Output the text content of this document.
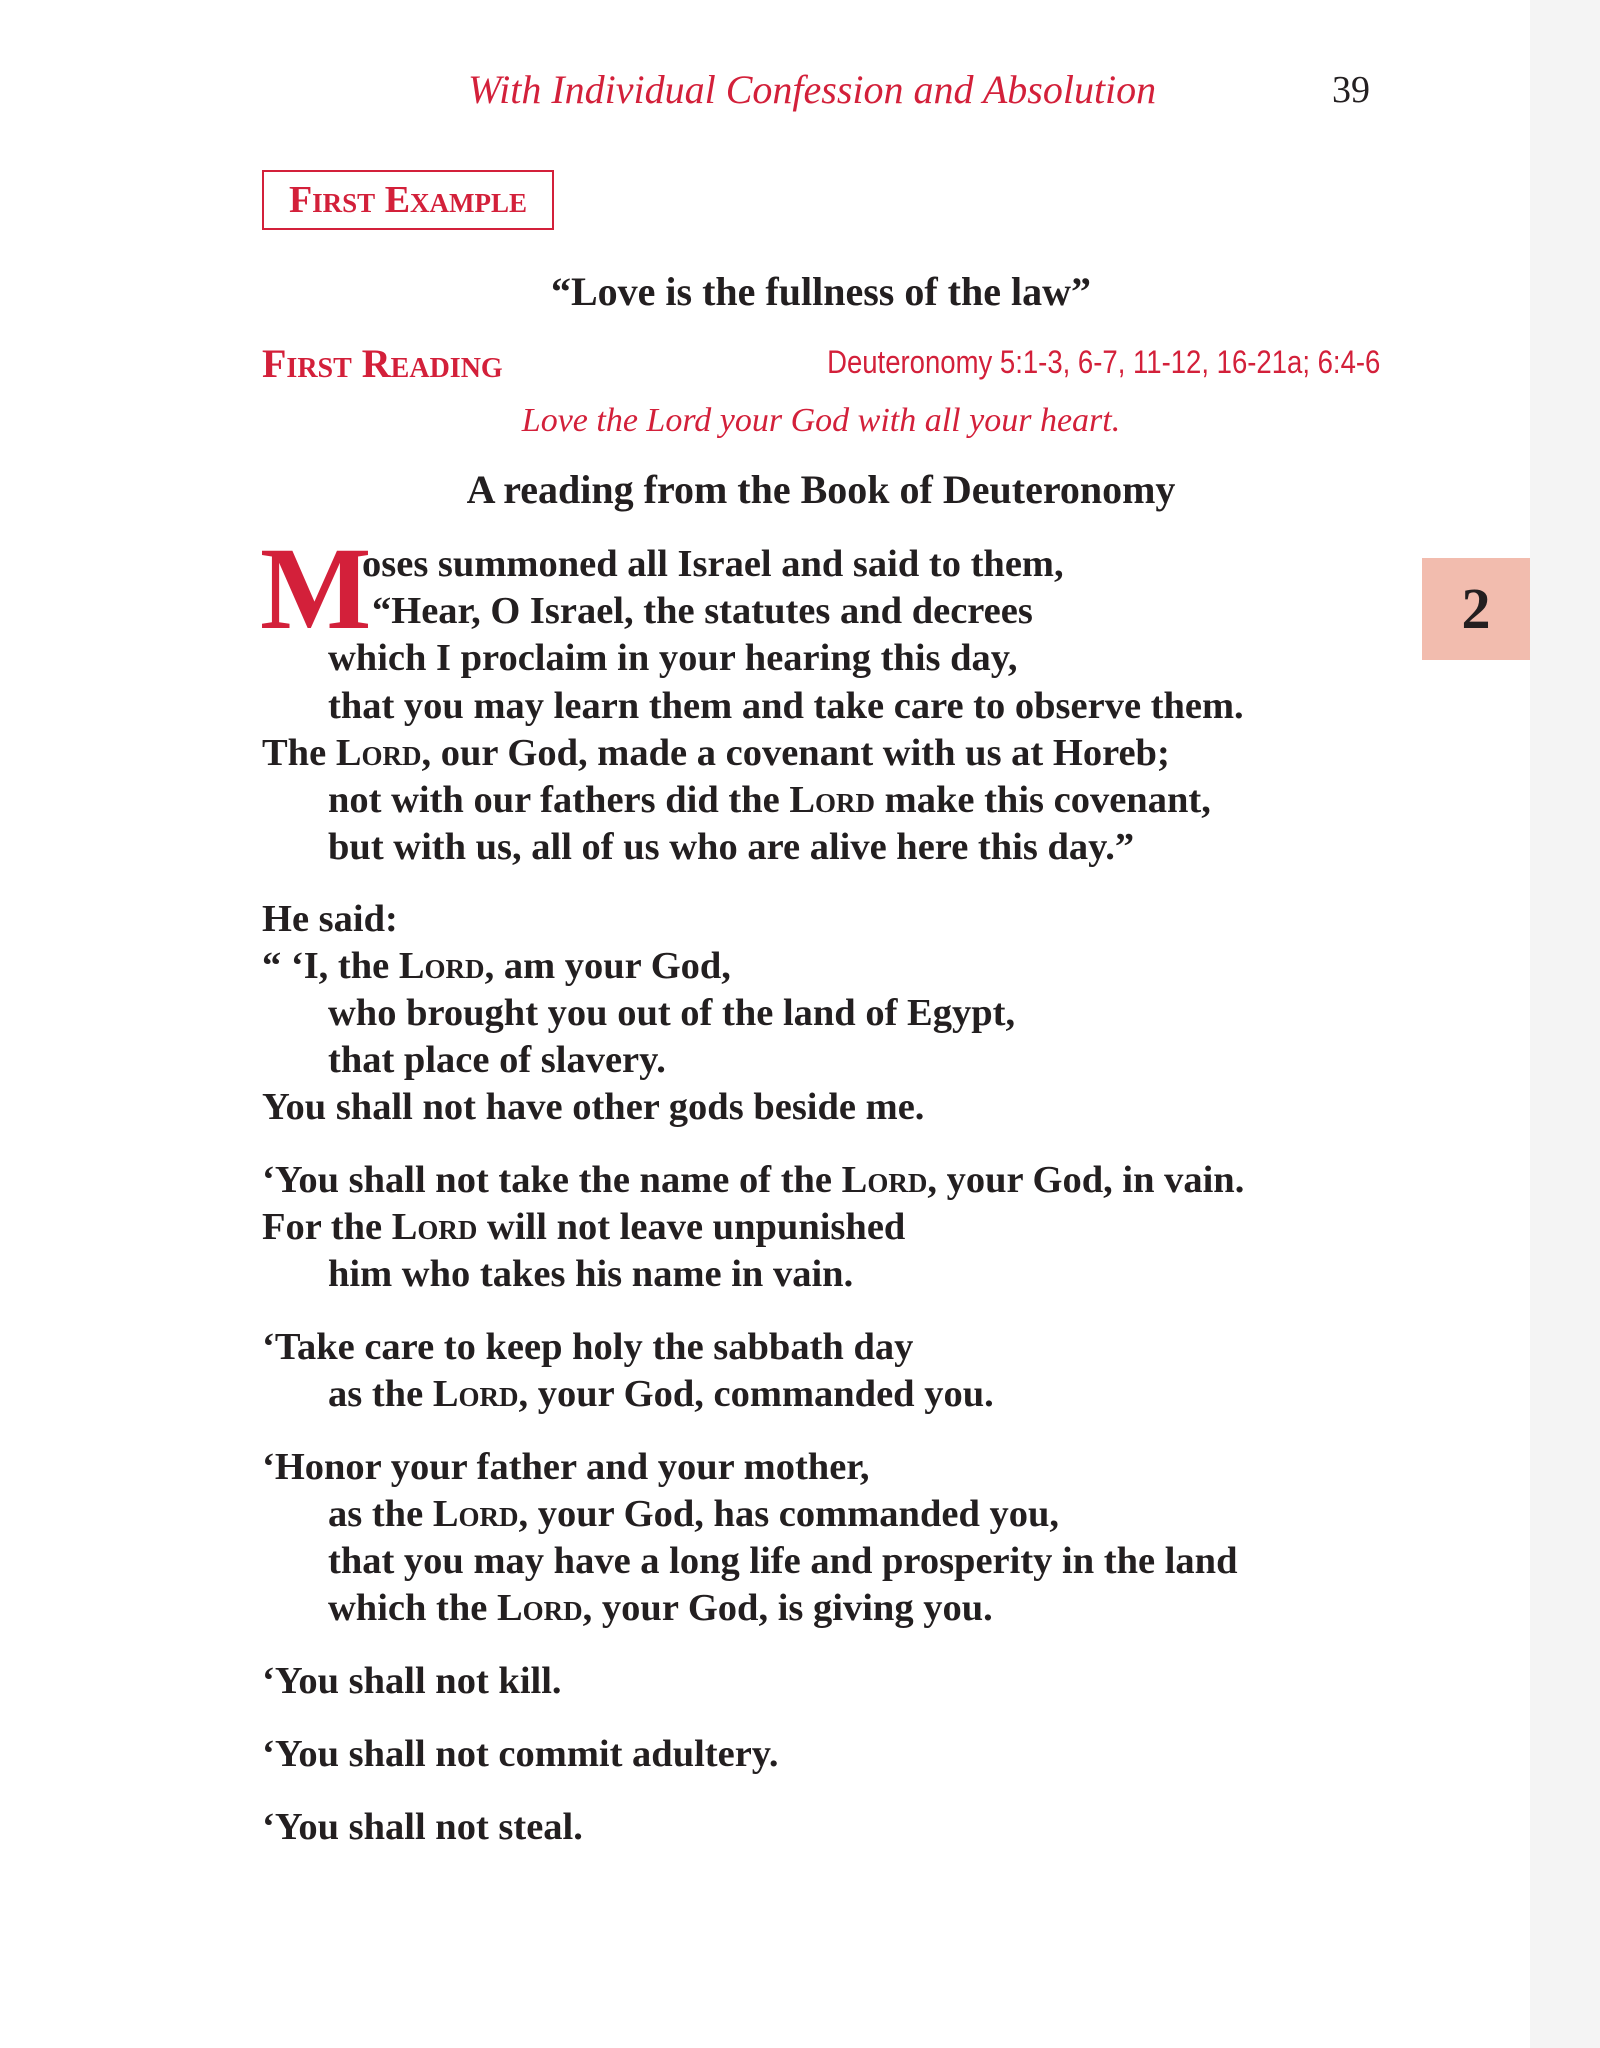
With Individual Confession and Absolution	39
First Example
“Love is the fullness of the law”
First Reading	Deuteronomy 5:1-3, 6-7, 11-12, 16-21a; 6:4-6
Love the Lord your God with all your heart.
A reading from the Book of Deuteronomy
M
oses summoned all Israel and said to them,
“Hear, O Israel, the statutes and decrees
which I proclaim in your hearing this day,
that you may learn them and take care to observe them.
The Lord, our God, made a covenant with us at Horeb;
not with our fathers did the Lord make this covenant,
but with us, all of us who are alive here this day.”
He said:
“ ‘I, the Lord, am your God,
who brought you out of the land of Egypt,
that place of slavery.
You shall not have other gods beside me.
‘You shall not take the name of the Lord, your God, in vain.
For the Lord will not leave unpunished
him who takes his name in vain.
‘Take care to keep holy the sabbath day
as the Lord, your God, commanded you.
‘Honor your father and your mother,
as the Lord, your God, has commanded you,
that you may have a long life and prosperity in the land
which the Lord, your God, is giving you.
‘You shall not kill.
‘You shall not commit adultery.
‘You shall not steal.
2
